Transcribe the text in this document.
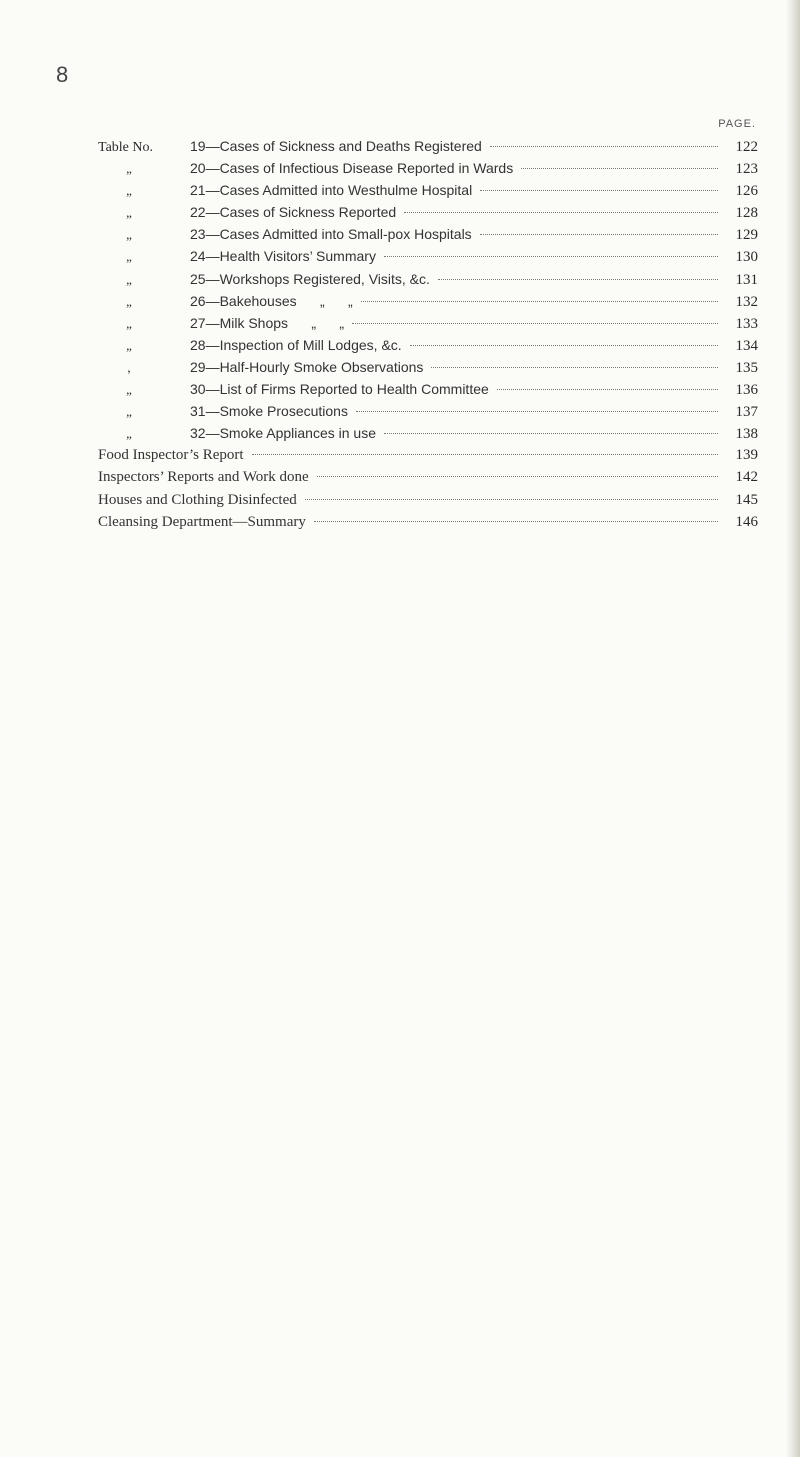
8
PAGE.
Table No.	19—Cases of Sickness and Deaths Registered	122
„	20—Cases of Infectious Disease Reported in Wards	123
„	21—Cases Admitted into Westhulme Hospital	126
„	22—Cases of Sickness Reported	128
„	23—Cases Admitted into Small-pox Hospitals	129
„	24—Health Visitors’ Summary	130
„	25—Workshops Registered, Visits, &c.	131
„	26—Bakehouses      „      „	132
„	27—Milk Shops      „      „	133
„	28—Inspection of Mill Lodges, &c.	134
,	29—Half-Hourly Smoke Observations	135
„	30—List of Firms Reported to Health Committee	136
„	31—Smoke Prosecutions	137
„	32—Smoke Appliances in use	138
Food Inspector’s Report	139
Inspectors’ Reports and Work done	142
Houses and Clothing Disinfected	145
Cleansing Department—Summary	146
